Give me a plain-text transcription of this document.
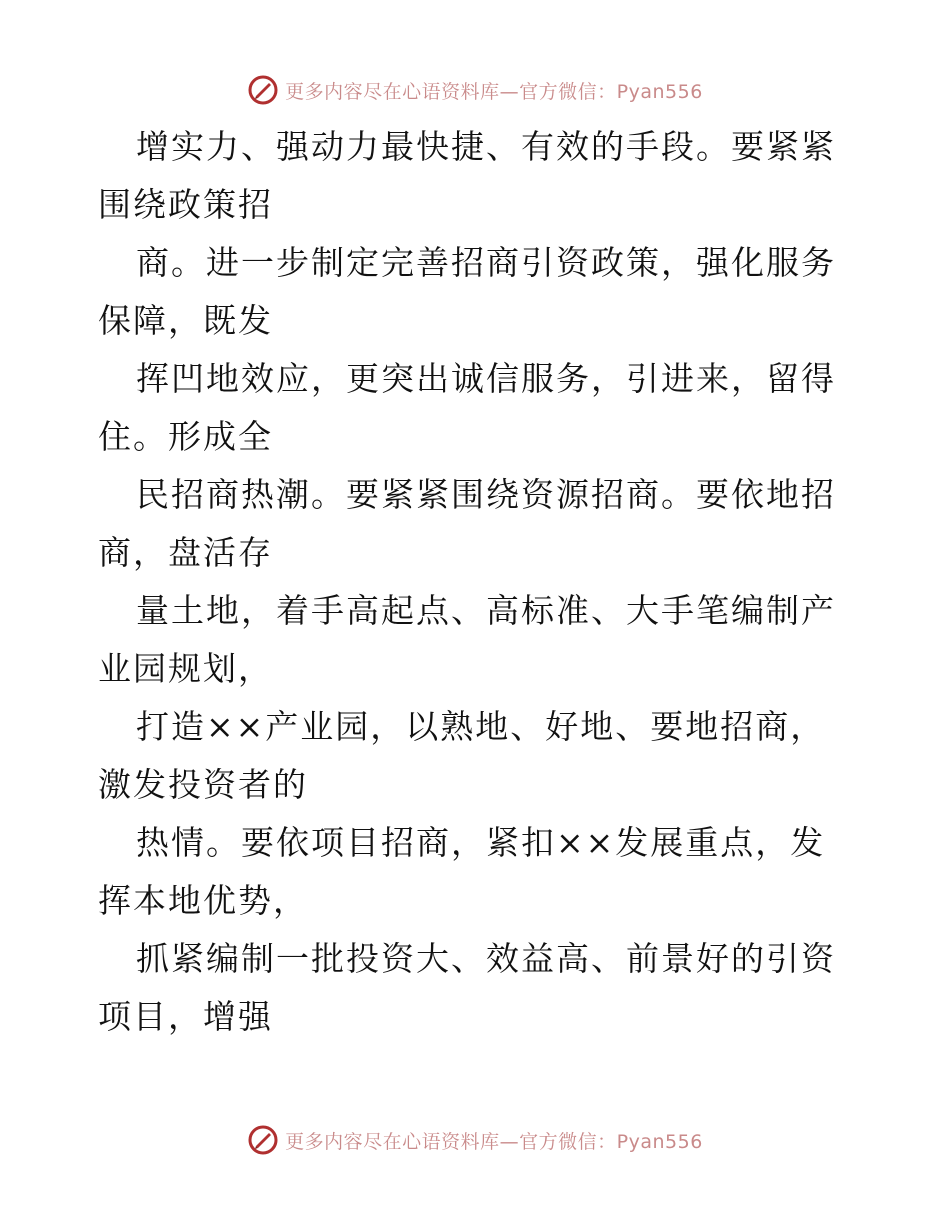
更多内容尽在心语资料库—官方微信：Pyan556

增实力、强动力最快捷、有效的手段。要紧紧围绕政策招

商。进一步制定完善招商引资政策，强化服务保障，既发

挥凹地效应，更突出诚信服务，引进来，留得住。形成全

民招商热潮。要紧紧围绕资源招商。要依地招商，盘活存

量土地，着手高起点、高标准、大手笔编制产业园规划，

打造××产业园，以熟地、好地、要地招商，激发投资者的

热情。要依项目招商，紧扣××发展重点，发挥本地优势，

抓紧编制一批投资大、效益高、前景好的引资项目，增强

更多内容尽在心语资料库—官方微信：Pyan556
